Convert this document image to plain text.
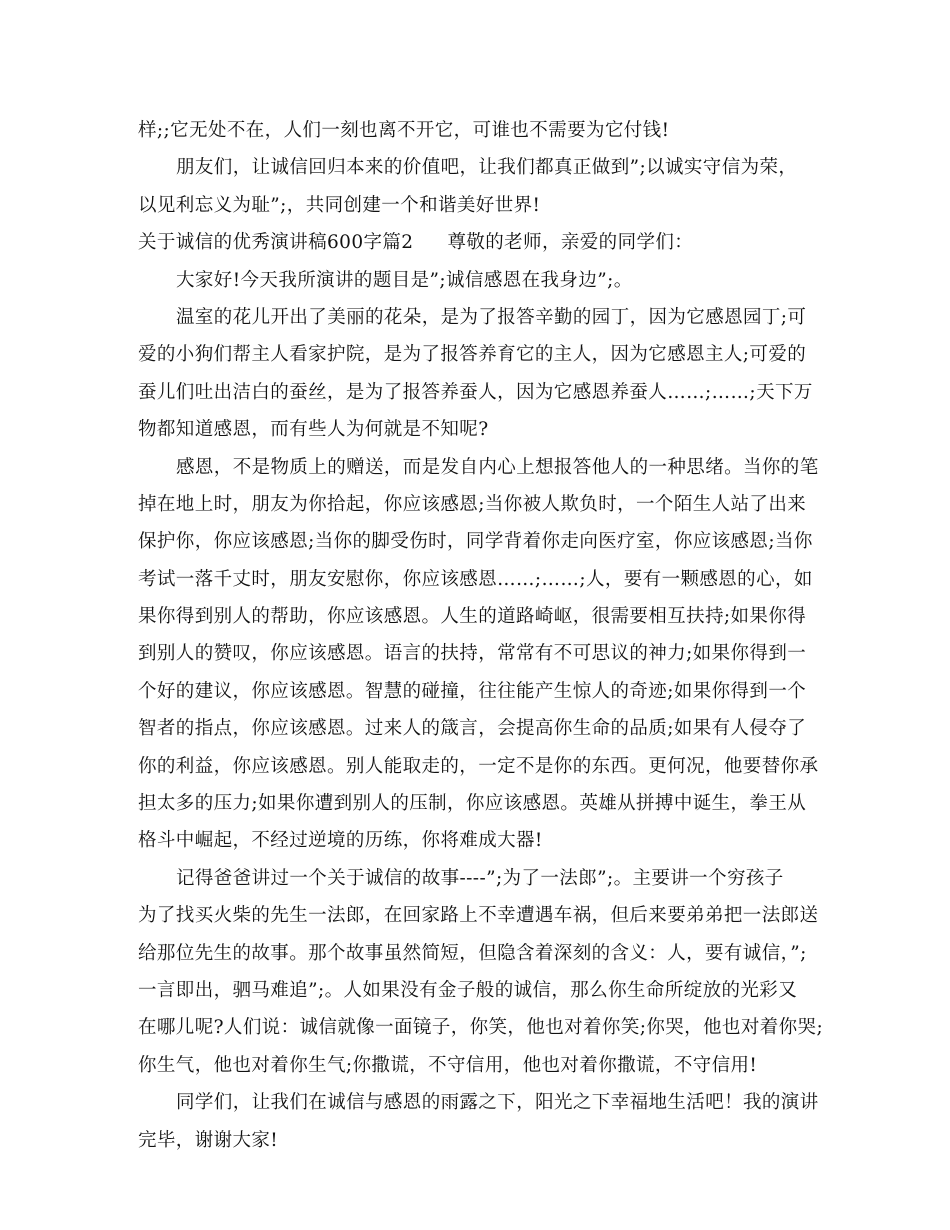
样;;它无处不在，人们一刻也离不开它，可谁也不需要为它付钱!
朋友们，让诚信回归本来的价值吧，让我们都真正做到”;以诚实守信为荣，
以见利忘义为耻”;，共同创建一个和谐美好世界!
关于诚信的优秀演讲稿600字篇2 尊敬的老师，亲爱的同学们：
大家好!今天我所演讲的题目是”;诚信感恩在我身边”;。
温室的花儿开出了美丽的花朵，是为了报答辛勤的园丁，因为它感恩园丁;可
爱的小狗们帮主人看家护院，是为了报答养育它的主人，因为它感恩主人;可爱的
蚕儿们吐出洁白的蚕丝，是为了报答养蚕人，因为它感恩养蚕人……;……;天下万
物都知道感恩，而有些人为何就是不知呢?
感恩，不是物质上的赠送，而是发自内心上想报答他人的一种思绪。当你的笔
掉在地上时，朋友为你拾起，你应该感恩;当你被人欺负时，一个陌生人站了出来
保护你，你应该感恩;当你的脚受伤时，同学背着你走向医疗室，你应该感恩;当你
考试一落千丈时，朋友安慰你，你应该感恩……;……;人，要有一颗感恩的心，如
果你得到别人的帮助，你应该感恩。人生的道路崎岖，很需要相互扶持;如果你得
到别人的赞叹，你应该感恩。语言的扶持，常常有不可思议的神力;如果你得到一
个好的建议，你应该感恩。智慧的碰撞，往往能产生惊人的奇迹;如果你得到一个
智者的指点，你应该感恩。过来人的箴言，会提高你生命的品质;如果有人侵夺了
你的利益，你应该感恩。别人能取走的，一定不是你的东西。更何况，他要替你承
担太多的压力;如果你遭到别人的压制，你应该感恩。英雄从拼搏中诞生，拳王从
格斗中崛起，不经过逆境的历练，你将难成大器!
记得爸爸讲过一个关于诚信的故事----”;为了一法郎”;。主要讲一个穷孩子
为了找买火柴的先生一法郎，在回家路上不幸遭遇车祸，但后来要弟弟把一法郎送
给那位先生的故事。那个故事虽然简短，但隐含着深刻的含义：人，要有诚信，”;
一言即出，驷马难追”;。人如果没有金子般的诚信，那么你生命所绽放的光彩又
在哪儿呢?人们说：诚信就像一面镜子，你笑，他也对着你笑;你哭，他也对着你哭;
你生气，他也对着你生气;你撒谎，不守信用，他也对着你撒谎，不守信用!
同学们，让我们在诚信与感恩的雨露之下，阳光之下幸福地生活吧！我的演讲
完毕，谢谢大家!
